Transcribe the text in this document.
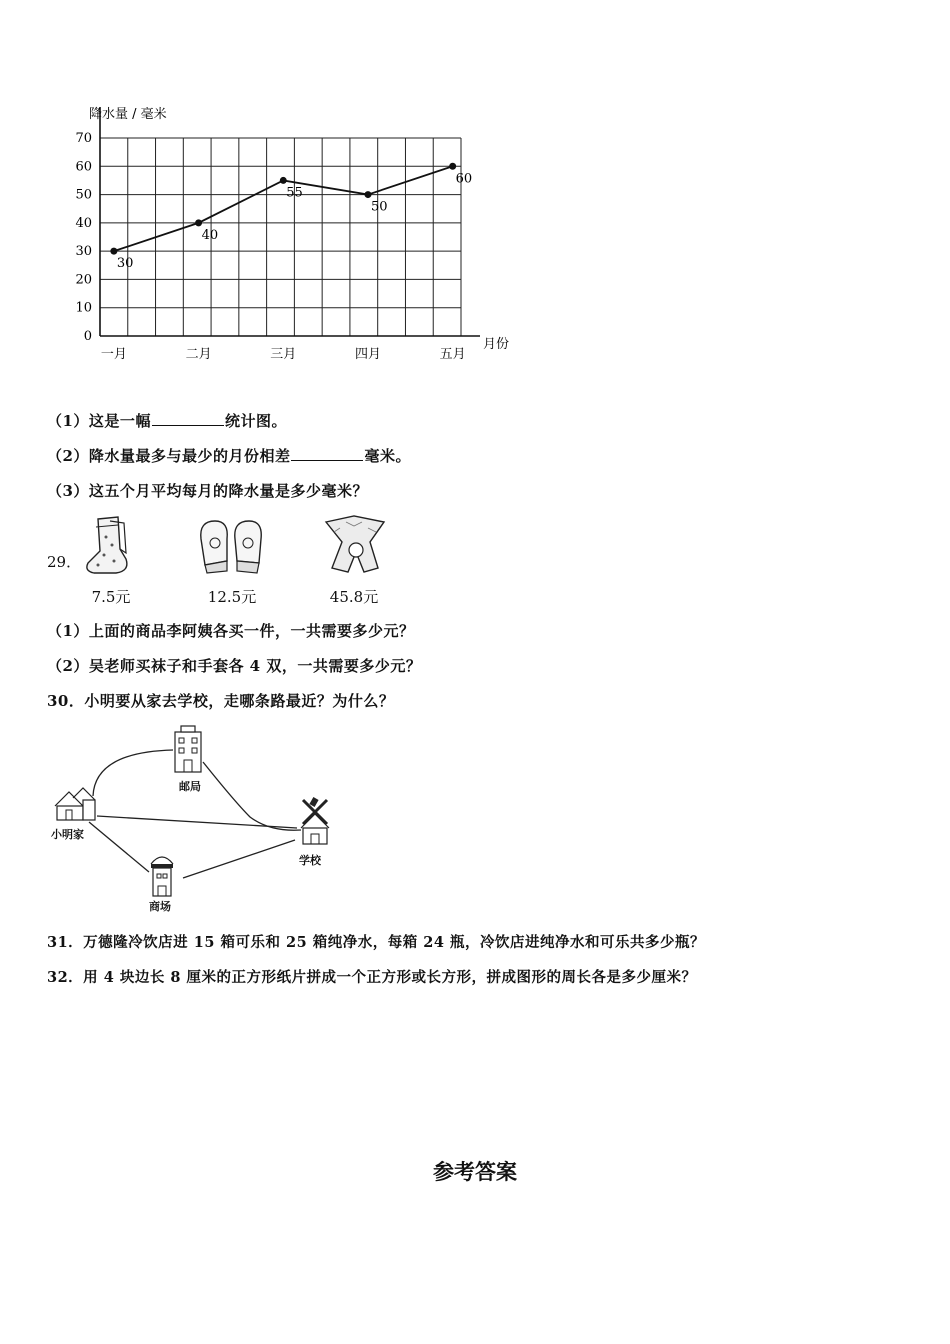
0
10
20
30
40
50
60
70
一月	二月	三月	四月	五月
30
40
55
50
60
降水量 / 毫米
月份
（1）这是一幅	统计图。
（2）降水量最多与最少的月份相差	毫米。
（3）这五个月平均每月的降水量是多少毫米？
29．
7.5元	12.5元	45.8元
（1）上面的商品李阿姨各买一件，一共需要多少元？
（2）吴老师买袜子和手套各 4 双，一共需要多少元？
30．小明要从家去学校，走哪条路最近？为什么？
小明家
邮局
学校
商场
31．万德隆冷饮店进 15 箱可乐和 25 箱纯净水，每箱 24 瓶，冷饮店进纯净水和可乐共多少瓶？
32．用 4 块边长 8 厘米的正方形纸片拼成一个正方形或长方形，拼成图形的周长各是多少厘米？
参考答案
